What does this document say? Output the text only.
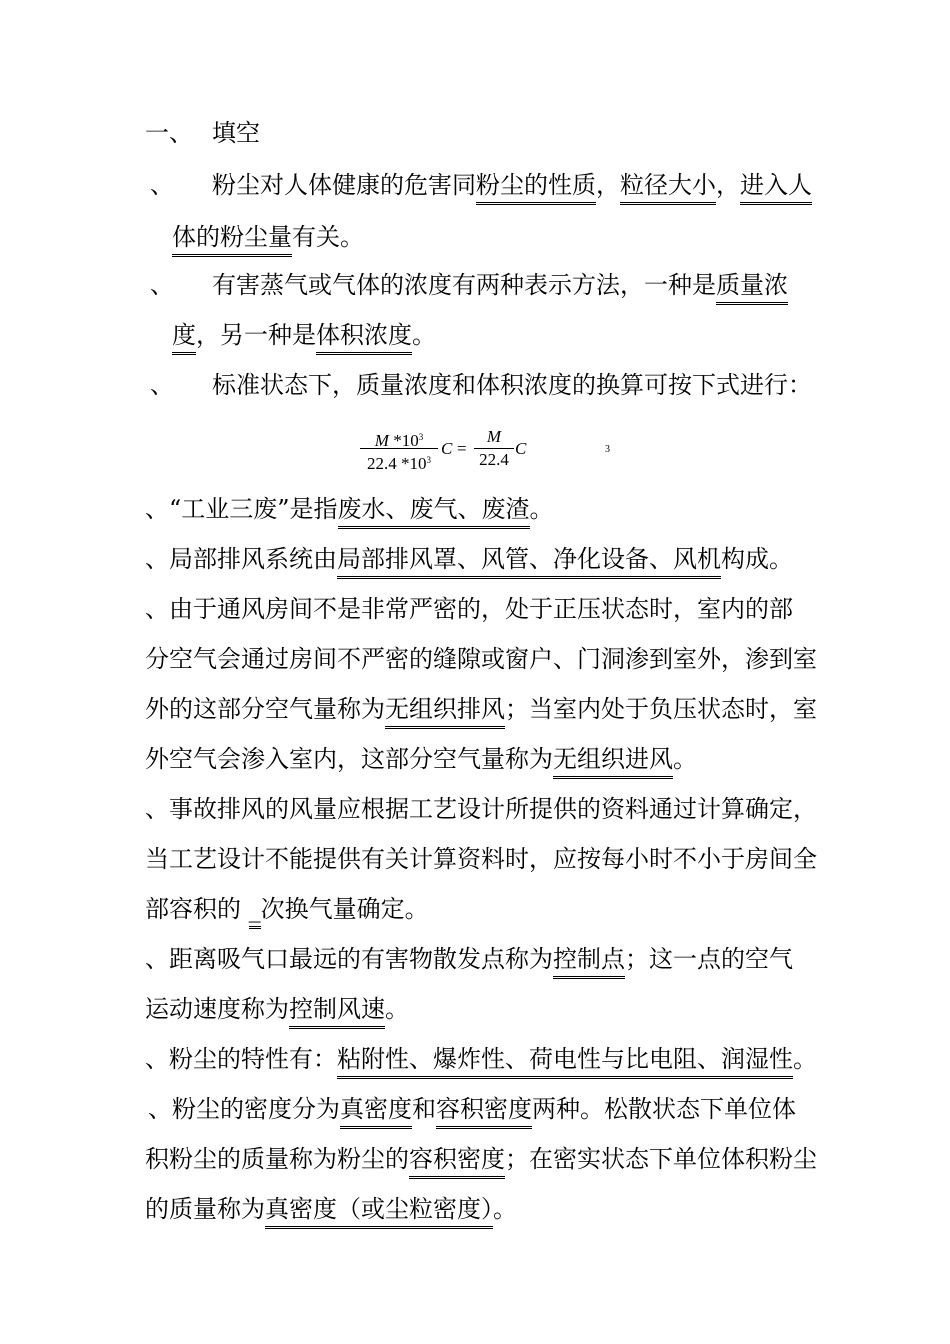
一、 填空
、 粉尘对人体健康的危害同粉尘的性质，粒径大小，进入人
体的粉尘量有关。
、 有害蒸气或气体的浓度有两种表示方法，一种是质量浓
度，另一种是体积浓度。
、 标准状态下，质量浓度和体积浓度的换算可按下式进行：
$\frac{M *10^3}{22.4 *10^3}$ $C = \frac{M}{22.4}$ C	3
、“工业三废”是指废水、废气、废渣。
、局部排风系统由局部排风罩、风管、净化设备、风机构成。
、由于通风房间不是非常严密的，处于正压状态时，室内的部
分空气会通过房间不严密的缝隙或窗户、门洞渗到室外，渗到室
外的这部分空气量称为无组织排风；当室内处于负压状态时，室
外空气会渗入室内，这部分空气量称为无组织进风。
、事故排风的风量应根据工艺设计所提供的资料通过计算确定，
当工艺设计不能提供有关计算资料时，应按每小时不小于房间全
部容积的 _次换气量确定。
、距离吸气口最远的有害物散发点称为控制点；这一点的空气
运动速度称为控制风速。
、粉尘的特性有：粘附性、爆炸性、荷电性与比电阻、润湿性。
、粉尘的密度分为真密度和容积密度两种。松散状态下单位体
积粉尘的质量称为粉尘的容积密度；在密实状态下单位体积粉尘
的质量称为真密度（或尘粒密度）。
